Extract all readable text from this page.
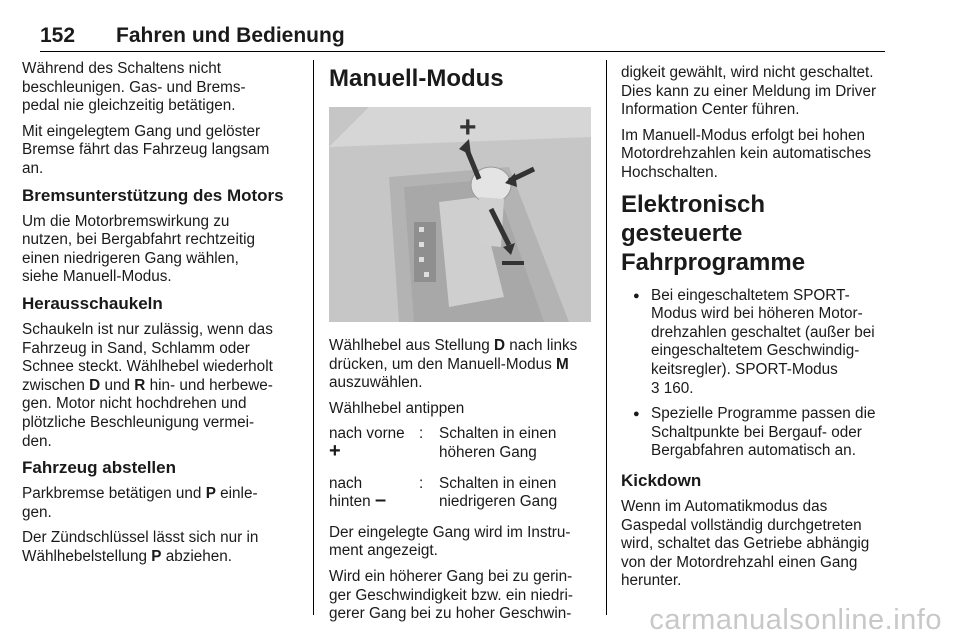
152 Fahren und Bedienung

Während des Schaltens nicht
beschleunigen. Gas- und Brems-
pedal nie gleichzeitig betätigen.

Mit eingelegtem Gang und gelöster
Bremse fährt das Fahrzeug langsam
an.

Bremsunterstützung des Motors

Um die Motorbremswirkung zu
nutzen, bei Bergabfahrt rechtzeitig
einen niedrigeren Gang wählen,
siehe Manuell-Modus.

Herausschaukeln

Schaukeln ist nur zulässig, wenn das
Fahrzeug in Sand, Schlamm oder
Schnee steckt. Wählhebel wiederholt
zwischen D und R hin- und herbewe-
gen. Motor nicht hochdrehen und
plötzliche Beschleunigung vermei-
den.

Fahrzeug abstellen

Parkbremse betätigen und P einle-
gen.

Der Zündschlüssel lässt sich nur in
Wählhebelstellung P abziehen.

Manuell-Modus
+

Wählhebel aus Stellung D nach links
drücken, um den Manuell-Modus M
auszuwählen.

Wählhebel antippen

nach vorne
+
:	Schalten in einen
höheren Gang
nach
hinten –
:	Schalten in einen
niedrigeren Gang

Der eingelegte Gang wird im Instru-
ment angezeigt.

Wird ein höherer Gang bei zu gerin-
ger Geschwindigkeit bzw. ein niedri-
gerer Gang bei zu hoher Geschwin-

digkeit gewählt, wird nicht geschaltet.
Dies kann zu einer Meldung im Driver
Information Center führen.

Im Manuell-Modus erfolgt bei hohen
Motordrehzahlen kein automatisches
Hochschalten.

Elektronisch gesteuerte
Fahrprogramme
● Bei eingeschaltetem SPORT-
Modus wird bei höheren Motor-
drehzahlen geschaltet (außer bei
eingeschaltetem Geschwindig-
keitsregler). SPORT-Modus
3 160.
● Spezielle Programme passen die
Schaltpunkte bei Bergauf- oder
Bergabfahren automatisch an.
Kickdown

Wenn im Automatikmodus das
Gaspedal vollständig durchgetreten
wird, schaltet das Getriebe abhängig
von der Motordrehzahl einen Gang
herunter.

carmanualsonline.info
